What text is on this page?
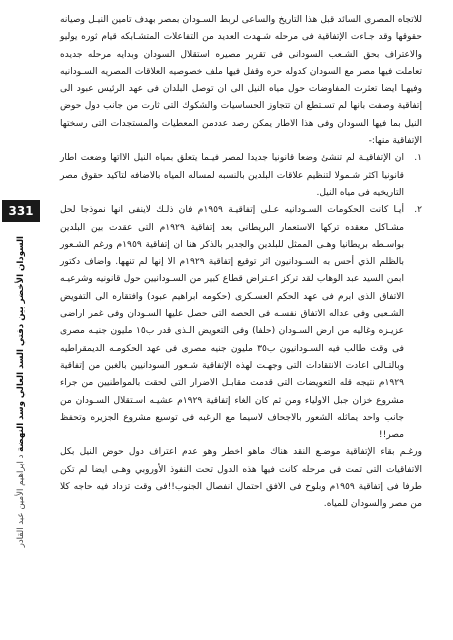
للاتجاه المصرى السائد قبل هذا التاريخ والساعى لربط السـودان بمصر بهدف تامين النيـل وصيانه حقوقها وقد جـاءت الإتفاقية فى مرحله شـهدت العديد من التفاعلات المتشـابكه قيام ثوره يوليو والاعتراف بحق الشـعب السودانى فى تقرير مصيره استقلال السودان وبدايه مرحله جديده تعاملت فيها مصر مع السودان كدوله حره وقفل فيها ملف خصوصيه العلاقات المصريه السـودانيه وفيهـا ايضا تعثرت المفاوضات حول مياه النيل الى ان توصل البلدان فى عهد الرئيس عبود الى إتفاقية وصفت بانها لم تسـتطع ان تتجاوز الحساسيات والشكوك التى ثارت من جانب دول حوض النيل بما فيها السودان وفى هذا الاطار يمكن رصد عددمن المعطيات والمستجدات التى رسختها الإتفاقية منها:-

١.
ان الإتفاقيـة لم تنشئ وضعا قانونيا جديدا لمصر فيـما يتعلق بمياه النيل الااتها وضعت اطار قانونيا اكثر شـمولا لتنظيم علاقات البلدين بالنسبه لمساله المياه بالاضافه لتاكيد حقوق مصر التاريخيه فى مياه النيل.
٢.
أيـا كانت الحكومات السـودانيه عـلى إتفاقيـة ١٩٥٩م فان ذلـك لاينفى انها نموذجا لحل مشـاكل معقده تركها الاستعمار البريطانى بعد إتفاقية ١٩٢٩م التى عقدت بين البلدين بواسـطه بريطانيا وهـى الممثل للبلدين والجدير بالذكر هنا ان إتفاقية ١٩٥٩م ورغم الشـعور بالظلم الذي أحس به السـودانيون اثر توقيع إتفاقية ١٩٢٩م الا إنها لم تنهها. واضاف دكتور ابمن السيد عبد الوهاب لقد تركز اعـتراض قطاع كبير من السـودانيين حول قانونيه وشرعيـه الاتفاق الذى ابرم فى عهد الحكم العسـكرى (حكومه ابراهيم عبود) وافتقاره الى التفويض الشـعبى وفى عداله الاتفاق نفسـه فى الحصه التى حصل عليها السـودان وفى غمر اراضى عزيـزه وغاليه من ارض السـودان (حلفا) وفى التعويض الـذى قدر ب١٥ مليون جنيـه مصرى فى وقت طالب فيه السـودانيون ب٣٥ مليون جنيه مصرى فى عهد الحكومـه الديمقراطيه وبالتـالى اعادت الانتقادات التى وجهـت لهذه الإتفاقية شـعور السودانيين بالغبن من إتفاقية ١٩٢٩م نتيجه قله التعويضات التى قدمت مقابـل الاضرار التى لحقت بالمواطنيين من جراء مشروع خزان جبل الاولياء ومن ثم كان الغاء إتفاقية ١٩٢٩م عشيـه اسـتقلال السـودان من جانب واحد يماثله الشعور بالاجحاف لاسيما مع الرغبه فى توسيع مشروع الجزيره وتحفظ مصر!!

ورغـم بقاء الإتفاقية موضـع النقد هناك ماهو اخطر وهو عدم اعتراف دول حوض النيل بكل الاتفاقيات التى تمت فى مرحله كانت فيها هذه الدول تحت النفوذ الأوروبي وهـى ايضا لم تكن طرفا فى إتفاقية ١٩٥٩م وبلوح فى الافق احتمال انفصال الجنوب!!فى وقت تزداد فيه حاجه كلا من مصر والسودان للمياه.

331
السودان الأخضر بين دفتي السد العالي وسد النهضة د ابراهيم الأمين عبد القادر
